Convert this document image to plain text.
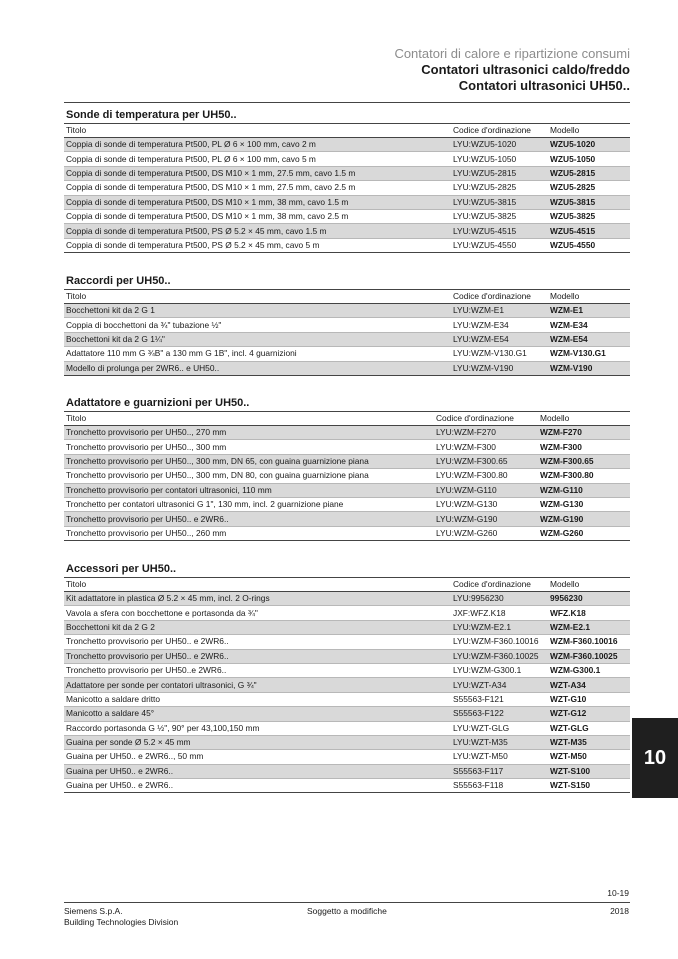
Contatori di calore e ripartizione consumi
Contatori ultrasonici caldo/freddo
Contatori ultrasonici UH50..
Sonde di temperatura per UH50..
Titolo	Codice d'ordinazione	Modello
Coppia di sonde di temperatura Pt500, PL Ø 6 × 100 mm, cavo 2 m	LYU:WZU5-1020	WZU5-1020
Coppia di sonde di temperatura Pt500, PL Ø 6 × 100 mm, cavo 5 m	LYU:WZU5-1050	WZU5-1050
Coppia di sonde di temperatura Pt500, DS M10 × 1 mm, 27.5 mm, cavo 1.5 m	LYU:WZU5-2815	WZU5-2815
Coppia di sonde di temperatura Pt500, DS M10 × 1 mm, 27.5 mm, cavo 2.5 m	LYU:WZU5-2825	WZU5-2825
Coppia di sonde di temperatura Pt500, DS M10 × 1 mm, 38 mm, cavo 1.5 m	LYU:WZU5-3815	WZU5-3815
Coppia di sonde di temperatura Pt500, DS M10 × 1 mm, 38 mm, cavo 2.5 m	LYU:WZU5-3825	WZU5-3825
Coppia di sonde di temperatura Pt500, PS Ø 5.2 × 45 mm, cavo 1.5 m	LYU:WZU5-4515	WZU5-4515
Coppia di sonde di temperatura Pt500, PS Ø 5.2 × 45 mm, cavo 5 m	LYU:WZU5-4550	WZU5-4550
Raccordi per UH50..
Titolo	Codice d'ordinazione	Modello
Bocchettoni kit da 2 G 1	LYU:WZM-E1	WZM-E1
Coppia di bocchettoni da ¾" tubazione ½"	LYU:WZM-E34	WZM-E34
Bocchettoni kit da 2 G 1¼"	LYU:WZM-E54	WZM-E54
Adattatore 110 mm G ¾B" a 130 mm G 1B", incl. 4 guarnizioni	LYU:WZM-V130.G1	WZM-V130.G1
Modello di prolunga per 2WR6.. e UH50..	LYU:WZM-V190	WZM-V190
Adattatore e guarnizioni per UH50..
Titolo	Codice d'ordinazione	Modello
Tronchetto provvisorio per UH50.., 270 mm	LYU:WZM-F270	WZM-F270
Tronchetto provvisorio per UH50.., 300 mm	LYU:WZM-F300	WZM-F300
Tronchetto provvisorio per UH50.., 300 mm, DN 65, con guaina guarnizione piana	LYU:WZM-F300.65	WZM-F300.65
Tronchetto provvisorio per UH50.., 300 mm, DN 80, con guaina guarnizione piana	LYU:WZM-F300.80	WZM-F300.80
Tronchetto provvisorio per contatori ultrasonici, 110 mm	LYU:WZM-G110	WZM-G110
Tronchetto per contatori ultrasonici G 1", 130 mm, incl. 2 guarnizione piane	LYU:WZM-G130	WZM-G130
Tronchetto provvisorio per UH50.. e 2WR6..	LYU:WZM-G190	WZM-G190
Tronchetto provvisorio per UH50.., 260 mm	LYU:WZM-G260	WZM-G260
Accessori per UH50..
Titolo	Codice d'ordinazione	Modello
Kit adattatore in plastica Ø 5.2 × 45 mm, incl. 2 O-rings	LYU:9956230	9956230
Vavola a sfera con bocchettone e portasonda da ¾"	JXF:WFZ.K18	WFZ.K18
Bocchettoni kit da 2 G 2	LYU:WZM-E2.1	WZM-E2.1
Tronchetto provvisorio per UH50.. e 2WR6..	LYU:WZM-F360.10016	WZM-F360.10016
Tronchetto provvisorio per UH50.. e 2WR6..	LYU:WZM-F360.10025	WZM-F360.10025
Tronchetto provvisorio per UH50..e 2WR6..	LYU:WZM-G300.1	WZM-G300.1
Adattatore per sonde per contatori ultrasonici, G ¾"	LYU:WZT-A34	WZT-A34
Manicotto a saldare dritto	S55563-F121	WZT-G10
Manicotto a saldare 45°	S55563-F122	WZT-G12
Raccordo portasonda G ½", 90° per 43,100,150 mm	LYU:WZT-GLG	WZT-GLG
Guaina per sonde Ø 5.2 × 45 mm	LYU:WZT-M35	WZT-M35
Guaina per UH50.. e 2WR6.., 50 mm	LYU:WZT-M50	WZT-M50
Guaina per UH50.. e 2WR6..	S55563-F117	WZT-S100
Guaina per UH50.. e 2WR6..	S55563-F118	WZT-S150
10
10-19
Siemens S.p.A.
Building Technologies Division
Soggetto a modifiche	2018
